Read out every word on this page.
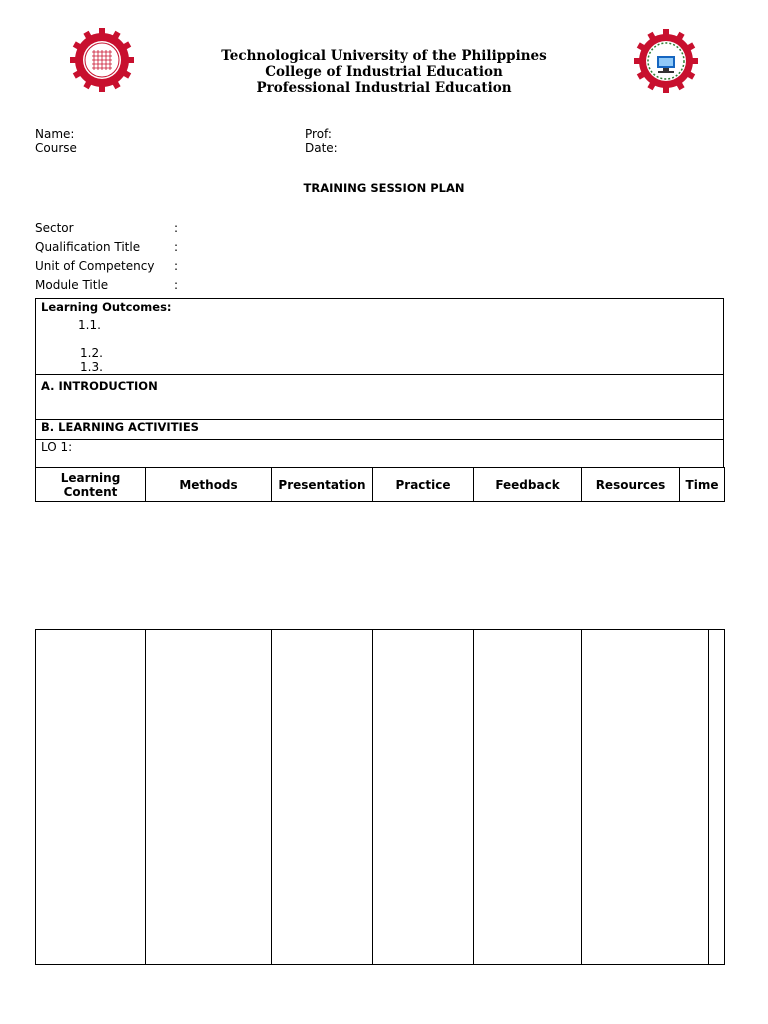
Technological University of the Philippines
College of Industrial Education
Professional Industrial Education
Name:
Course
Prof:
Date:
TRAINING SESSION PLAN
Sector	:
Qualification Title	:
Unit of Competency :
Module Title	:
Learning Outcomes:
1.1.
1.2.
1.3.
A. INTRODUCTION
B. LEARNING ACTIVITIES
LO 1:
Learning Content	Methods	Presentation	Practice	Feedback	Resources	Time
